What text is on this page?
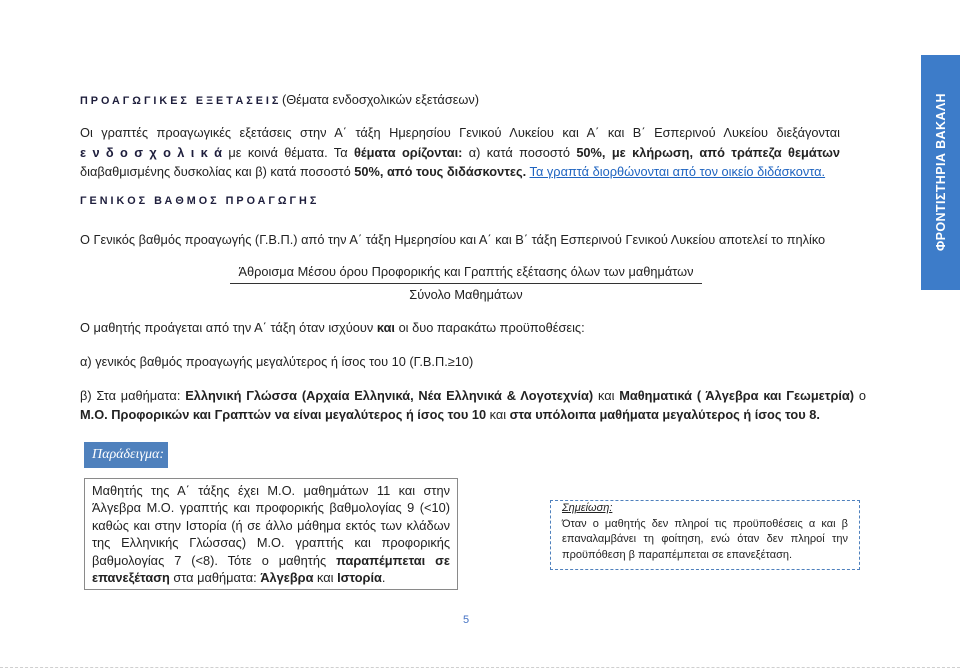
Π Ρ Ο Α Γ Ω Γ Ι Κ Ε Σ   Ε Ξ Ε Τ Α Σ Ε Ι Σ (Θέματα ενδοσχολικών εξετάσεων)
Οι γραπτές προαγωγικές εξετάσεις στην Α΄ τάξη Ημερησίου Γενικού Λυκείου και Α΄ και Β΄ Εσπερινού Λυκείου διεξάγονται
ε ν δ ο σ χ ο λ ι κ ά με κοινά θέματα. Τα θέματα ορίζονται: α) κατά ποσοστό 50%, με κλήρωση, από τράπεζα θεμάτων
διαβαθμισμένης δυσκολίας και β) κατά ποσοστό 50%, από τους διδάσκοντες. Τα γραπτά διορθώνονται από τον οικείο διδάσκοντα.
Γ Ε Ν Ι Κ Ο Σ   Β Α Θ Μ Ο Σ   Π Ρ Ο Α Γ Ω Γ Η Σ
Ο Γενικός βαθμός προαγωγής (Γ.Β.Π.) από την Α΄ τάξη Ημερησίου και Α΄ και Β΄ τάξη Εσπερινού Γενικού Λυκείου αποτελεί το πηλίκο
Άθροισμα Μέσου όρου Προφορικής και Γραπτής εξέτασης όλων των μαθημάτων
Σύνολο Μαθημάτων
Ο μαθητής προάγεται από την Α΄ τάξη όταν ισχύουν και οι δυο παρακάτω προϋποθέσεις:
α) γενικός βαθμός προαγωγής μεγαλύτερος ή ίσος του 10 (Γ.Β.Π.≥10)
β) Στα μαθήματα: Ελληνική Γλώσσα (Αρχαία Ελληνικά, Νέα Ελληνικά & Λογοτεχνία) και Μαθηματικά ( Άλγεβρα και Γεωμετρία) ο
Μ.Ο. Προφορικών και Γραπτών να είναι μεγαλύτερος ή ίσος του 10 και στα υπόλοιπα μαθήματα μεγαλύτερος ή ίσος του 8.
Παράδειγμα:
Μαθητής της Α΄ τάξης έχει Μ.Ο. μαθημάτων 11 και στην
Άλγεβρα Μ.Ο. γραπτής και προφορικής βαθμολογίας 9 (<10)
καθώς και στην Ιστορία (ή σε άλλο μάθημα εκτός των κλάδων
της Ελληνικής Γλώσσας) Μ.Ο. γραπτής και προφορικής
βαθμολογίας 7 (<8). Τότε ο μαθητής παραπέμπεται σε
επανεξέταση στα μαθήματα: Άλγεβρα και Ιστορία.
Σημείωση:
Όταν ο μαθητής δεν πληροί τις προϋποθέσεις α και β
επαναλαμβάνει τη φοίτηση, ενώ όταν δεν πληροί την
προϋπόθεση β παραπέμπεται σε επανεξέταση.
ΦΡΟΝΤΙΣΤΗΡΙΑ ΒΑΚΑΛΗ
5
